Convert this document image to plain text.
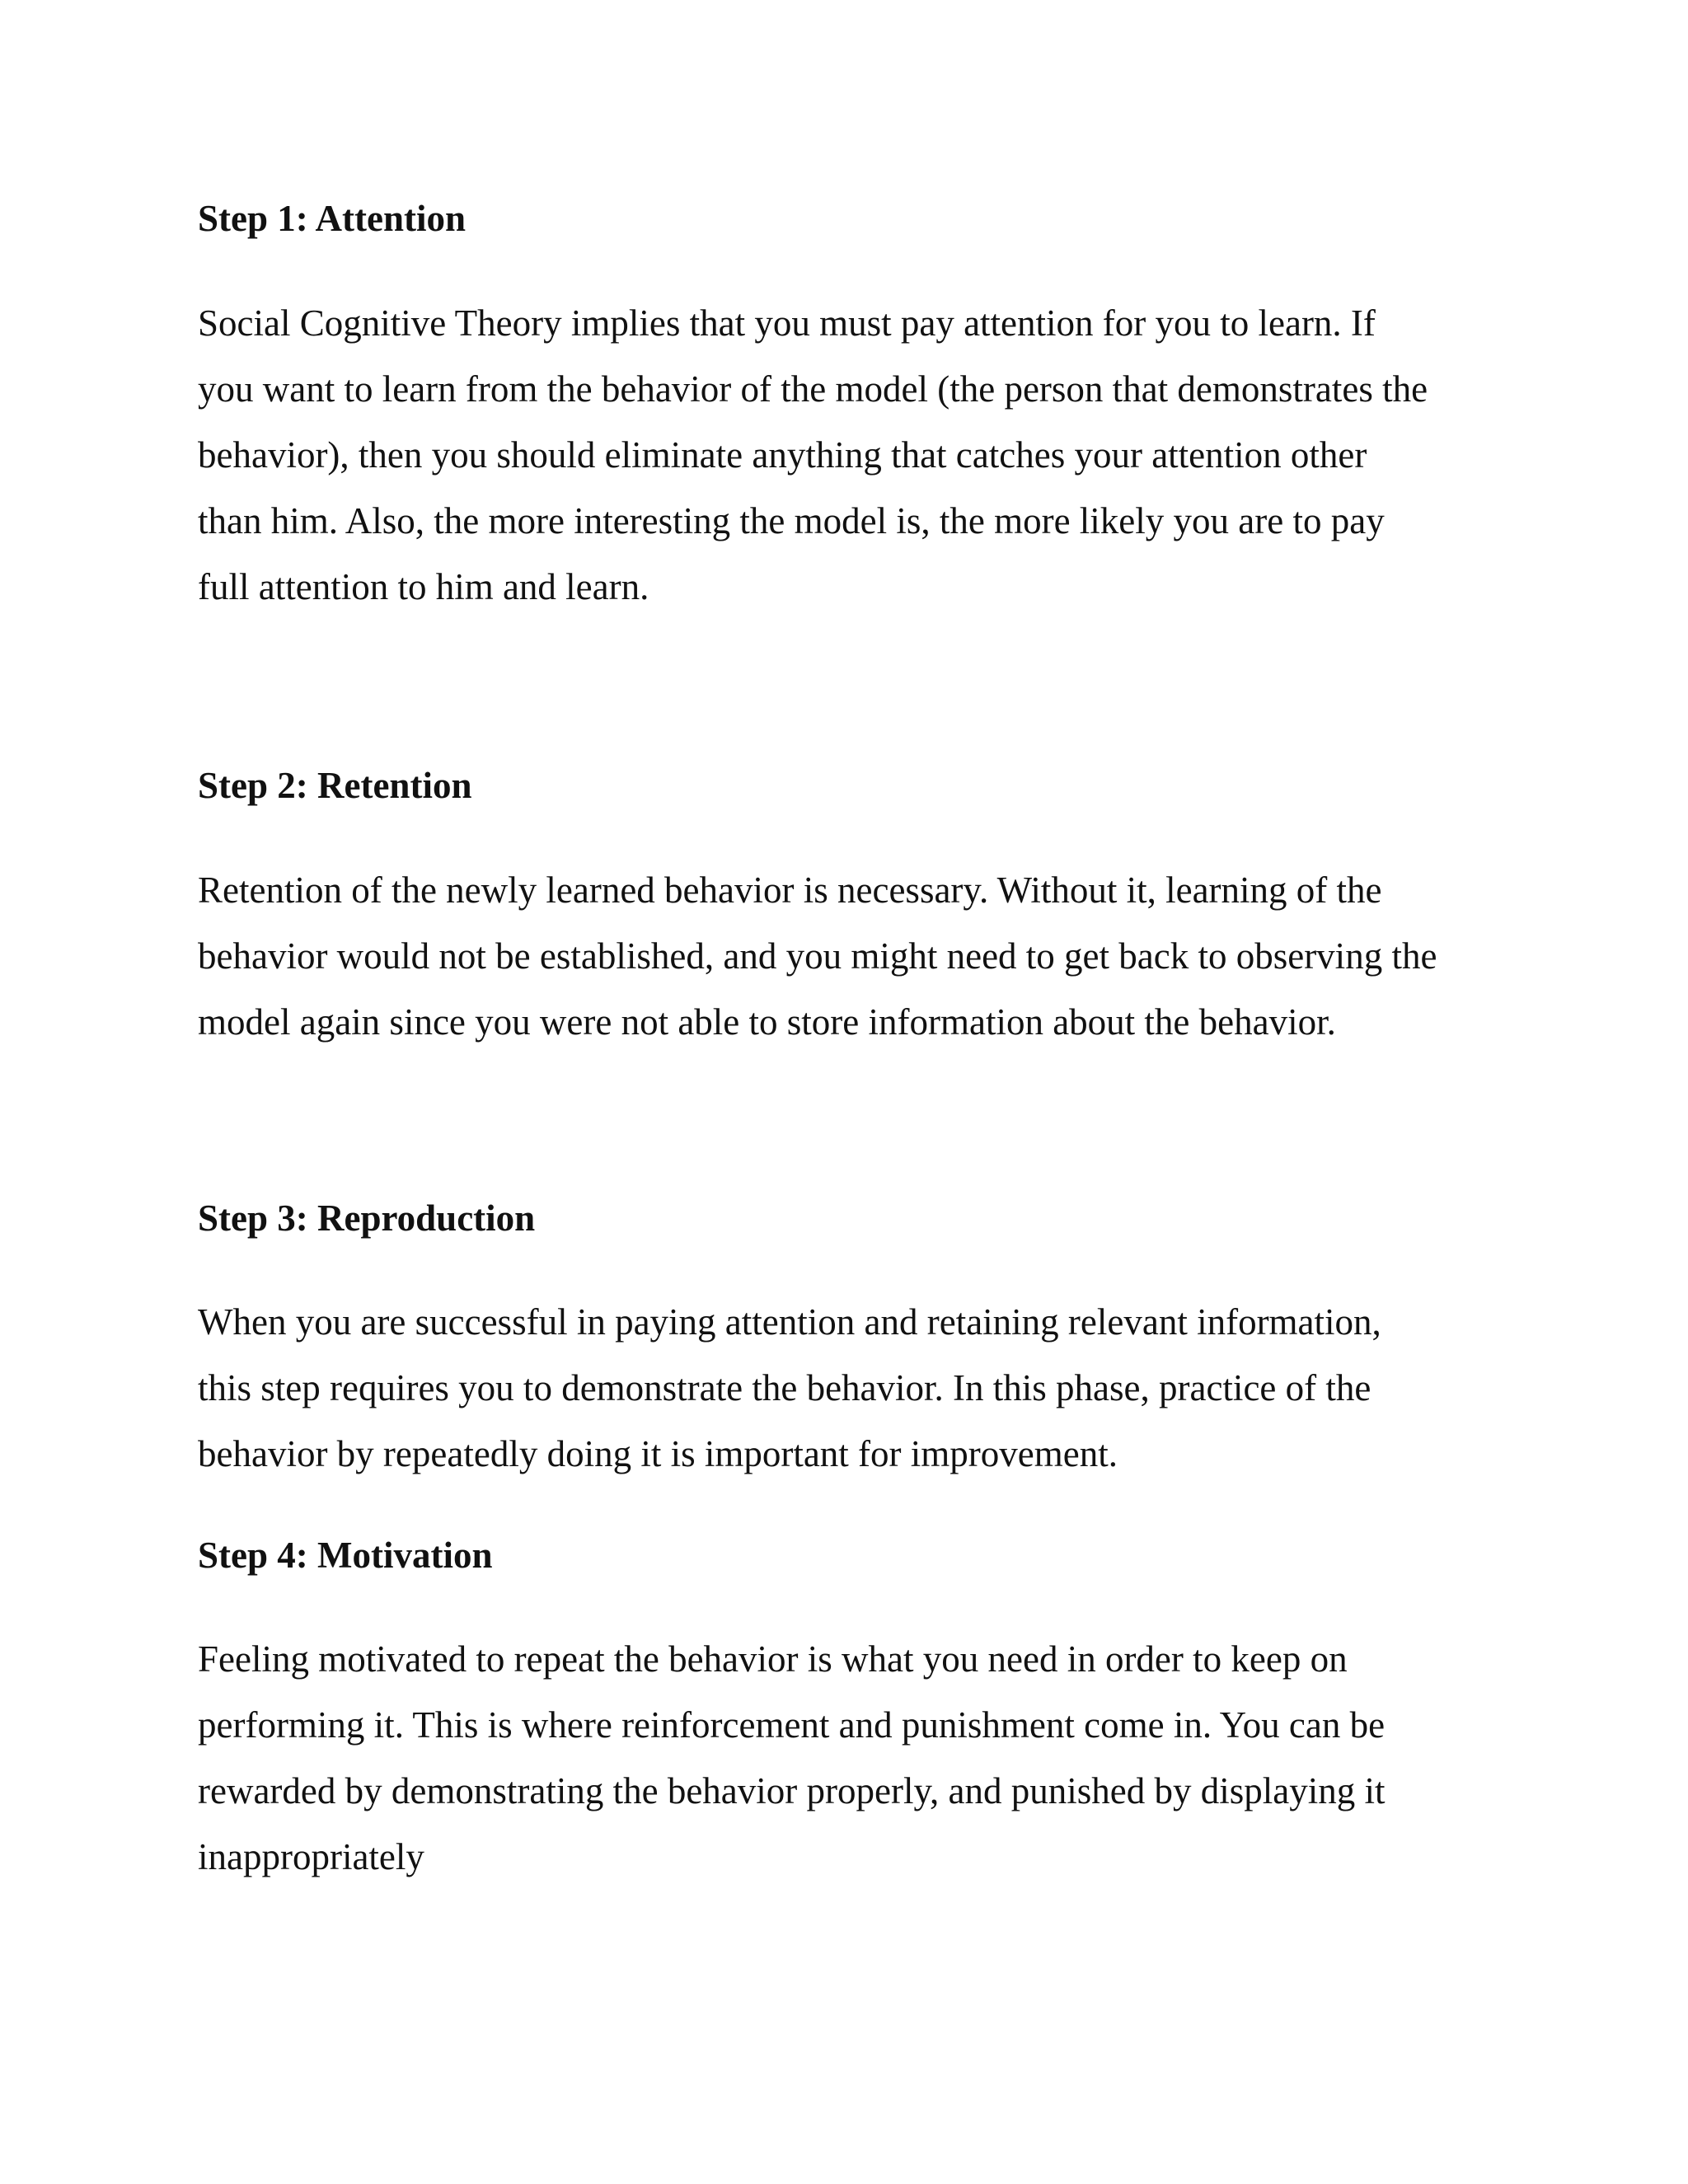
Step 1: Attention

Social Cognitive Theory implies that you must pay attention for you to learn. If
you want to learn from the behavior of the model (the person that demonstrates the
behavior), then you should eliminate anything that catches your attention other
than him. Also, the more interesting the model is, the more likely you are to pay
full attention to him and learn.

Step 2: Retention

Retention of the newly learned behavior is necessary. Without it, learning of the
behavior would not be established, and you might need to get back to observing the
model again since you were not able to store information about the behavior.

Step 3: Reproduction

When you are successful in paying attention and retaining relevant information,
this step requires you to demonstrate the behavior. In this phase, practice of the
behavior by repeatedly doing it is important for improvement.

Step 4: Motivation

Feeling motivated to repeat the behavior is what you need in order to keep on
performing it. This is where reinforcement and punishment come in. You can be
rewarded by demonstrating the behavior properly, and punished by displaying it
inappropriately
